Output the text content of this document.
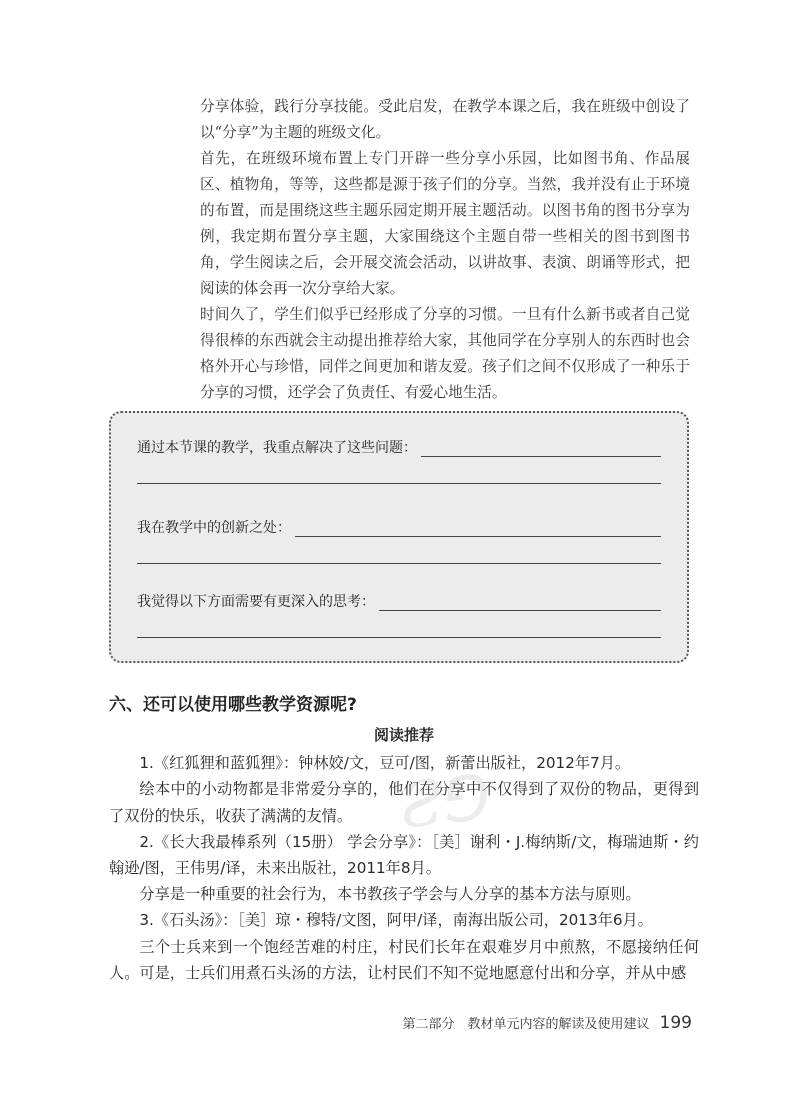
分享体验，践行分享技能。受此启发，在教学本课之后，我在班级中创设了以“分享”为主题的班级文化。

首先，在班级环境布置上专门开辟一些分享小乐园，比如图书角、作品展区、植物角，等等，这些都是源于孩子们的分享。当然，我并没有止于环境的布置，而是围绕这些主题乐园定期开展主题活动。以图书角的图书分享为例，我定期布置分享主题，大家围绕这个主题自带一些相关的图书到图书角，学生阅读之后，会开展交流会活动，以讲故事、表演、朗诵等形式，把阅读的体会再一次分享给大家。

时间久了，学生们似乎已经形成了分享的习惯。一旦有什么新书或者自己觉得很棒的东西就会主动提出推荐给大家，其他同学在分享别人的东西时也会格外开心与珍惜，同伴之间更加和谐友爱。孩子们之间不仅形成了一种乐于分享的习惯，还学会了负责任、有爱心地生活。

通过本节课的教学，我重点解决了这些问题：
我在教学中的创新之处：
我觉得以下方面需要有更深入的思考：
六、还可以使用哪些教学资源呢?
Ƨ⅁
阅读推荐

1.《红狐狸和蓝狐狸》：钟林姣/文，豆可/图，新蕾出版社，2012年7月。

绘本中的小动物都是非常爱分享的，他们在分享中不仅得到了双份的物品，更得到了双份的快乐，收获了满满的友情。

2.《长大我最棒系列（15册） 学会分享》：［美］谢利・J.梅纳斯/文，梅瑞迪斯・约翰逊/图，王伟男/译，未来出版社，2011年8月。

分享是一种重要的社会行为，本书教孩子学会与人分享的基本方法与原则。

3.《石头汤》：［美］琼・穆特/文图，阿甲/译，南海出版公司，2013年6月。

三个士兵来到一个饱经苦难的村庄，村民们长年在艰难岁月中煎熬，不愿接纳任何人。可是，士兵们用煮石头汤的方法，让村民们不知不觉地愿意付出和分享，并从中感

第二部分　教材单元内容的解读及使用建议 199
